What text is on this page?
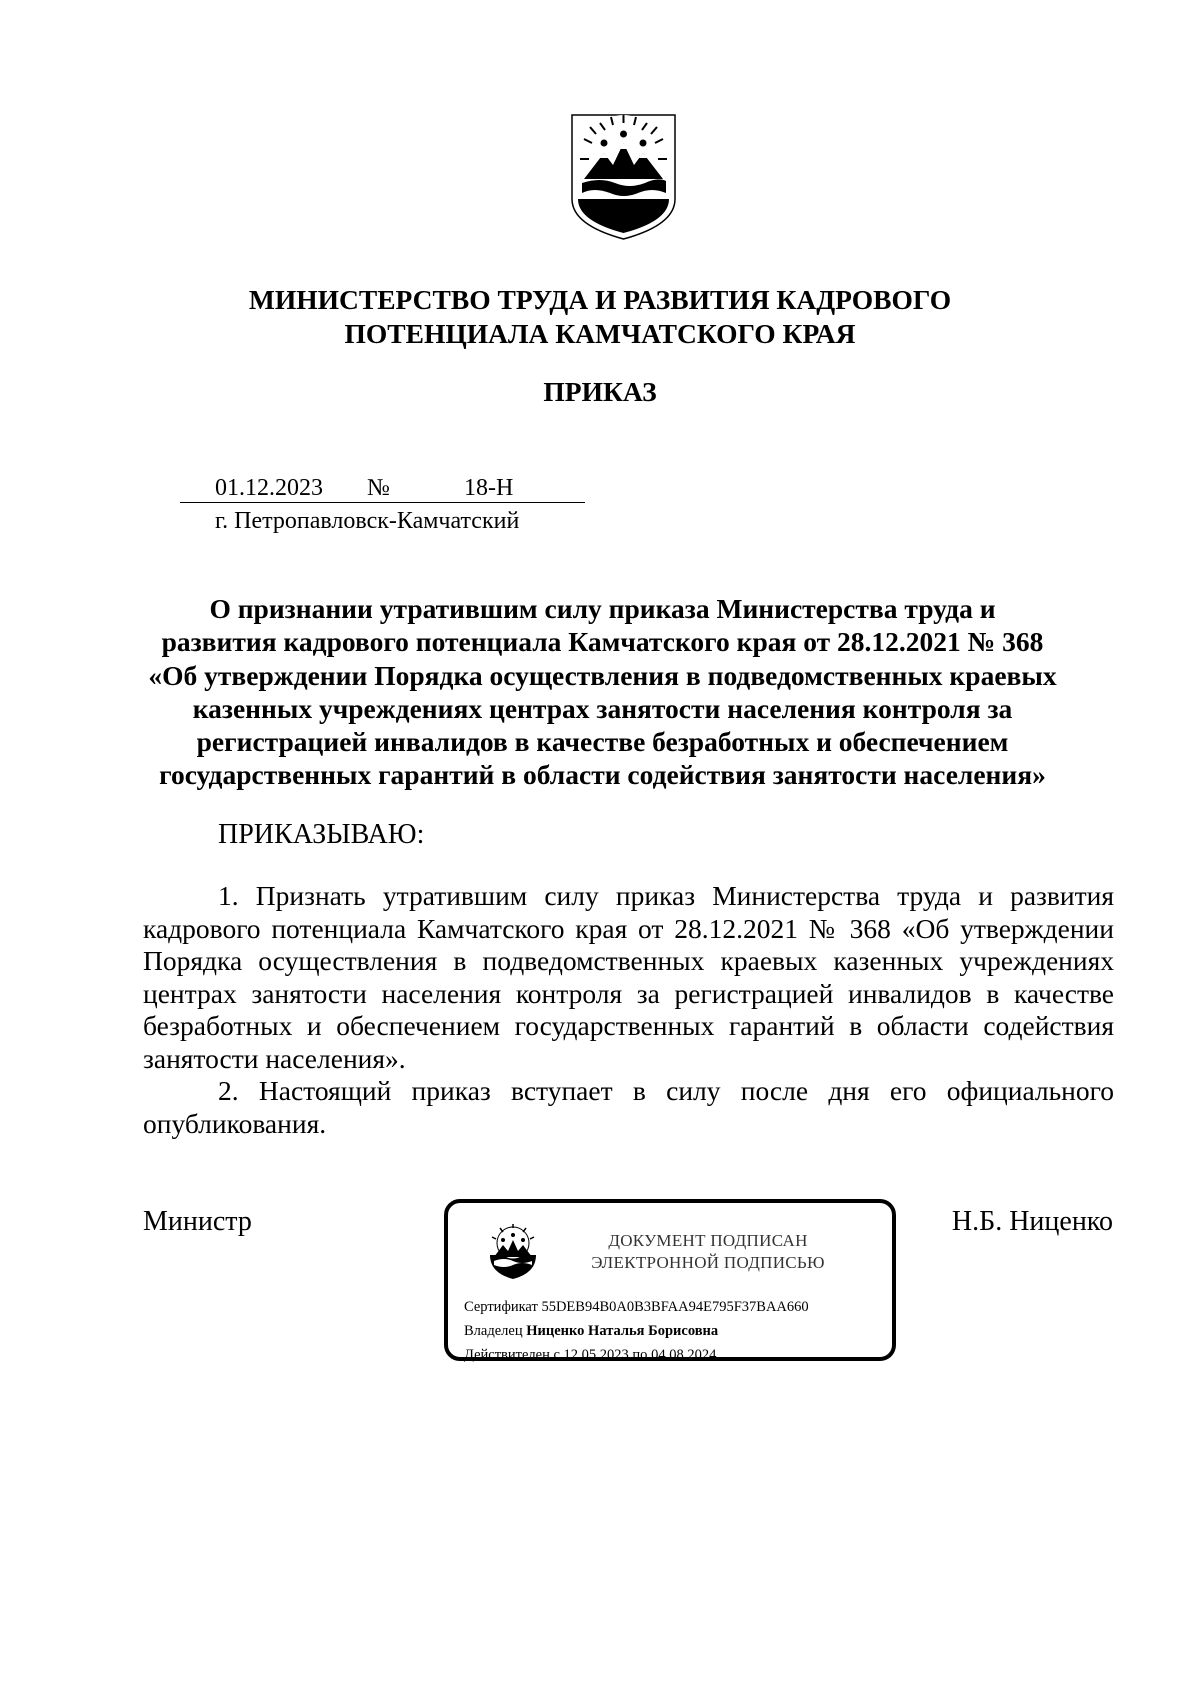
МИНИСТЕРСТВО ТРУДА И РАЗВИТИЯ КАДРОВОГО
ПОТЕНЦИАЛА КАМЧАТСКОГО КРАЯ
ПРИКАЗ
01.12.2023 №	18-Н
г. Петропавловск-Камчатский
О признании утратившим силу приказа Министерства труда и
развития кадрового потенциала Камчатского края от 28.12.2021 № 368
«Об утверждении Порядка осуществления в подведомственных краевых
казенных учреждениях центрах занятости населения контроля за
регистрацией инвалидов в качестве безработных и обеспечением
государственных гарантий в области содействия занятости населения»
ПРИКАЗЫВАЮ:

1. Признать утратившим силу приказ Министерства труда и развития кадрового потенциала Камчатского края от 28.12.2021 № 368 «Об утверждении Порядка осуществления в подведомственных краевых казенных учреждениях центрах занятости населения контроля за регистрацией инвалидов в качестве безработных и обеспечением государственных гарантий в области содействия занятости населения».

2. Настоящий приказ вступает в силу после дня его официального опубликования.

Министр	Н.Б. Ниценко
ДОКУМЕНТ ПОДПИСАН
ЭЛЕКТРОННОЙ ПОДПИСЬЮ
Сертификат 55DEB94B0A0B3BFAA94E795F37BAA660
Владелец Ниценко Наталья Борисовна
Действителен с 12.05.2023 по 04.08.2024
